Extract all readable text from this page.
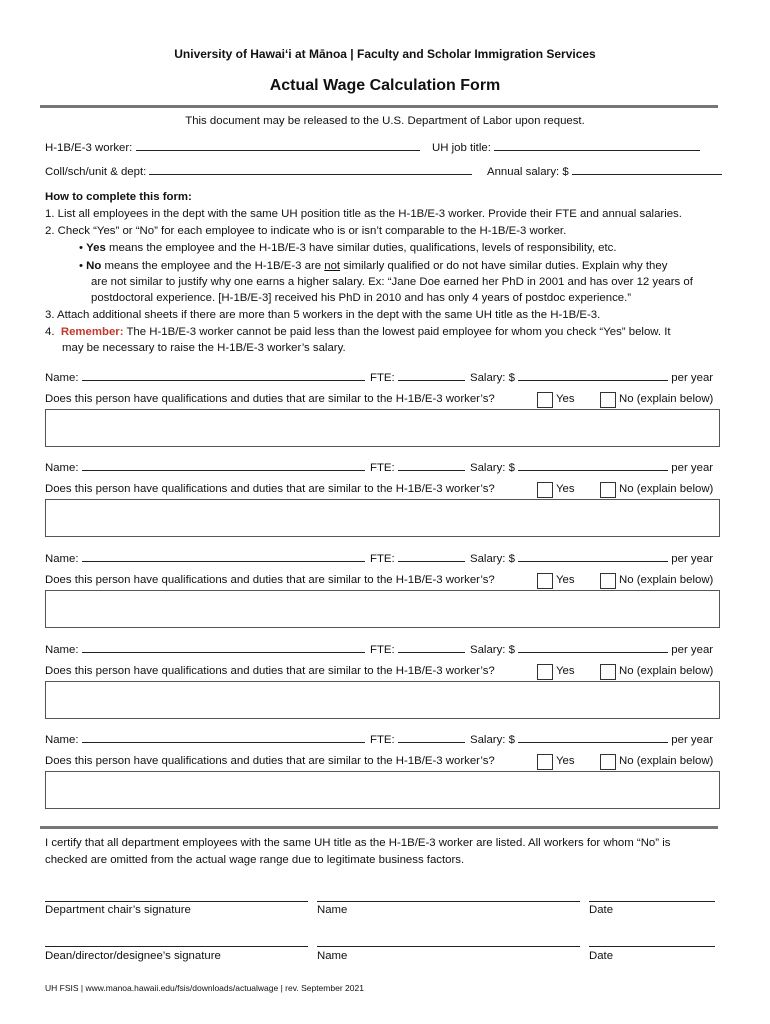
University of Hawaiʻi at Mānoa | Faculty and Scholar Immigration Services
Actual Wage Calculation Form
This document may be released to the U.S. Department of Labor upon request.
H-1B/E-3 worker:	UH job title:
Coll/sch/unit & dept:	Annual salary: $
How to complete this form:
1. List all employees in the dept with the same UH position title as the H-1B/E-3 worker. Provide their FTE and annual salaries.
2. Check “Yes” or “No” for each employee to indicate who is or isn’t comparable to the H-1B/E-3 worker.
• Yes means the employee and the H-1B/E-3 have similar duties, qualifications, levels of responsibility, etc.
• No means the employee and the H-1B/E-3 are not similarly qualified or do not have similar duties. Explain why they
are not similar to justify why one earns a higher salary. Ex: “Jane Doe earned her PhD in 2001 and has over 12 years of
postdoctoral experience. [H-1B/E-3] received his PhD in 2010 and has only 4 years of postdoc experience.”
3. Attach additional sheets if there are more than 5 workers in the dept with the same UH title as the H-1B/E-3.
4. Remember: The H-1B/E-3 worker cannot be paid less than the lowest paid employee for whom you check “Yes” below. It
may be necessary to raise the H-1B/E-3 worker’s salary.
Name:	FTE:	Salary: $	per year
Does this person have qualifications and duties that are similar to the H-1B/E-3 worker’s?	Yes	No (explain below)
Name:	FTE:	Salary: $	per year
Does this person have qualifications and duties that are similar to the H-1B/E-3 worker’s?	Yes	No (explain below)
Name:	FTE:	Salary: $	per year
Does this person have qualifications and duties that are similar to the H-1B/E-3 worker’s?	Yes	No (explain below)
Name:	FTE:	Salary: $	per year
Does this person have qualifications and duties that are similar to the H-1B/E-3 worker’s?	Yes	No (explain below)
Name:	FTE:	Salary: $	per year
Does this person have qualifications and duties that are similar to the H-1B/E-3 worker’s?	Yes	No (explain below)
I certify that all department employees with the same UH title as the H-1B/E-3 worker are listed. All workers for whom “No” is
checked are omitted from the actual wage range due to legitimate business factors.
Department chair’s signature	Name	Date
Dean/director/designee’s signature	Name	Date
UH FSIS | www.manoa.hawaii.edu/fsis/downloads/actualwage | rev. September 2021
